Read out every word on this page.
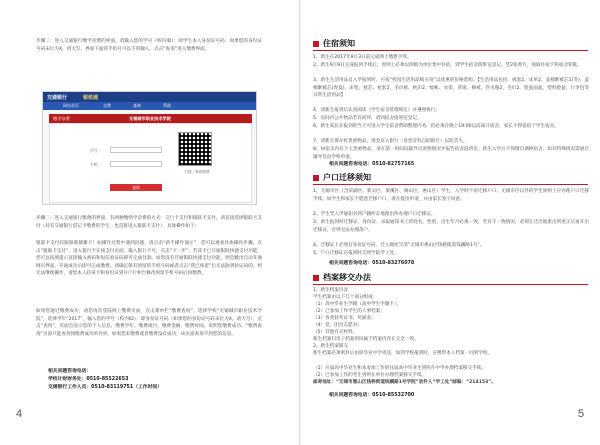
步骤二：进入交通银行缴学杂费的界面，请输入您的学号（校内ID）：即学生本人身份证号码；如果您的身份证号码末位为X，请大写。界面下面的手机号可以不用输入，点击“查询”进入缴费界面。

交通银行	银校通
网站首页	交费	查询	帮助
缴学杂费	无锡城市职业技术学院
学号：
手机：
查询
扫描二维码缴费

步骤三：进入交通银行缴费的界面，有两种缴纳学杂费的方式：交行卡支付和银联卡支付。请直接选择银联卡支付（持有交通银行借记卡缴费的学生，也直接进入银联卡支付），具体操作如下：

银联卡支付仅限银联储蓄卡！如操作过程中遇到问题，请点击“新手操作演示”，您可以观看具体操作步骤。点击“银联卡支付”，进入银行卡在线支付页面，输入银行卡号，点击“下一步”，若该卡已开通银联快捷支付功能，您可以按照提示直接输入密码和短信验证码即可完成付款。如您没有开通银联快捷支付功能，则会跳出自动开通网页界面，开通成功后即可完成缴费。请确定保有预留的手机号码或者点击“我已预留”后无法收到验证码的，则无法继续操作，请您本人持该卡和身份证到开户行柜台修改预留手机号码后再缴费。

如果您通过缴费成功，请您再次登陆网上缴费页面，点击菜单栏“缴费查询”，选择学校“无锡城市职业技术学院”，选择学年“2017”，输入您的学号（校内ID）：即身份证号码（如果您的身份证号码末位为X，请大写），点击“查询”，页面会显示您的个人信息、缴费学年、缴费项目、缴费金额、缴费时间，说明您缴费成功。“缴费查询”页面只能查询到缴费成功的名单，如果您未缴费或者缴费没有成功，该页面查询不到您的信息。

相关问题咨询电话：

学校计财财务处：0510-85522653

交通银行工作人员：0510-83119751（工作时间）

4
住宿须知

1、新生在2017年9月3日前完成网上缴费手续。

2、新生9月9日完成报到手续后，原则上必须以班级为单位集中住宿，到学生宿舍值班室登记，凭2张照片，领取住宿卡和宿舍钥匙。

3、新生生活用品自入学报到时，可按“校园生活用品购买说”以优惠的价格选购。【生活用品包括：被套2、床单2、盖棉絮被芯1(冬)、盖棉絮被芯(春夏)、床垫、枕芯、枕套2、毛巾被、枕巾2、蚊帐、衣架、草席、棉被、热水瓶2、毛巾2、脸盆面盆、塑料脸盆、行李包等日常生活用品】

4、请新生报到后认真阅读《学生宿舍管理规定》并遵照执行。

5、房间内公共物品若有损坏，请到宿舍值班室登记。

6、新生家长在报到的当天可进入学生宿舍帮助整理内务，但必须在晚上19:00以前离开宿舍，家长不得留宿于学生宿舍。

7、请新生保存好贵重物品，现金存入银行（食堂旁有自助银行）以防丢失。

8、如宿舍内有个人贵重物品，请在第一时间向辅导员说明情况并报告宿舍值班室。新生入学后不得擅自调换宿舍，如有特殊情况需通过辅导员向学校申请。

相关问题咨询电话：0510-82757165

户口迁移须知

1、无锡市区（含滨湖区、新吴区、梁溪区、锡山区、惠山区）学生，入学时不再迁移户口；无锡市区以外的学生原则上应办理户口迁移手续。如学生和家长不愿意迁移户口，请在提出申请，并由家长签字同意。

2、学生凭入学通知书到户籍所在地派出所办理户口迁移证。

3、新生报到时迁移证、身份证、录取通知书上的姓名、性别、出生年月必须一致，若有不一致情况，必须在迁出地派出所更正后再开出迁移证，否则无法办理落户。

4、迁移证上必须有身份证号码，迁入地址写清“无锡市惠山区钱桥街道钱藕路1号”。

5、户口迁移证在报到时交到学院学工处。

相关问题咨询电话：0510-83276078

档案移交办法

1、新生档案内容

学生档案由以下几个部分组成：

（1）高中毕业生学籍（高中学生学籍卡）；

（2）已参加工作学生的人事档案；

（3）各类获奖证书、奖励表；

（4）党、团员志愿书；

（5）其他有关材料。

新生档案归电子档案则同属于档案内容在完全一致。

2、新生档案移交

新生档案必须密封后由原毕业中学寄送，如到学校报到时，应携带本人档案一同到学校。

（1）应届高中毕业生和本参加工作的往届高中毕业生到所在中学办理档案移交手续；

（2）已参加工作的考生到所在单位办理档案移交手续。

邮寄地址：“无锡市惠山区钱桥街道钱藕路1号学院”收件人“学工处”邮编：“214153”。

相关问题咨询电话：0510-85532700

5
